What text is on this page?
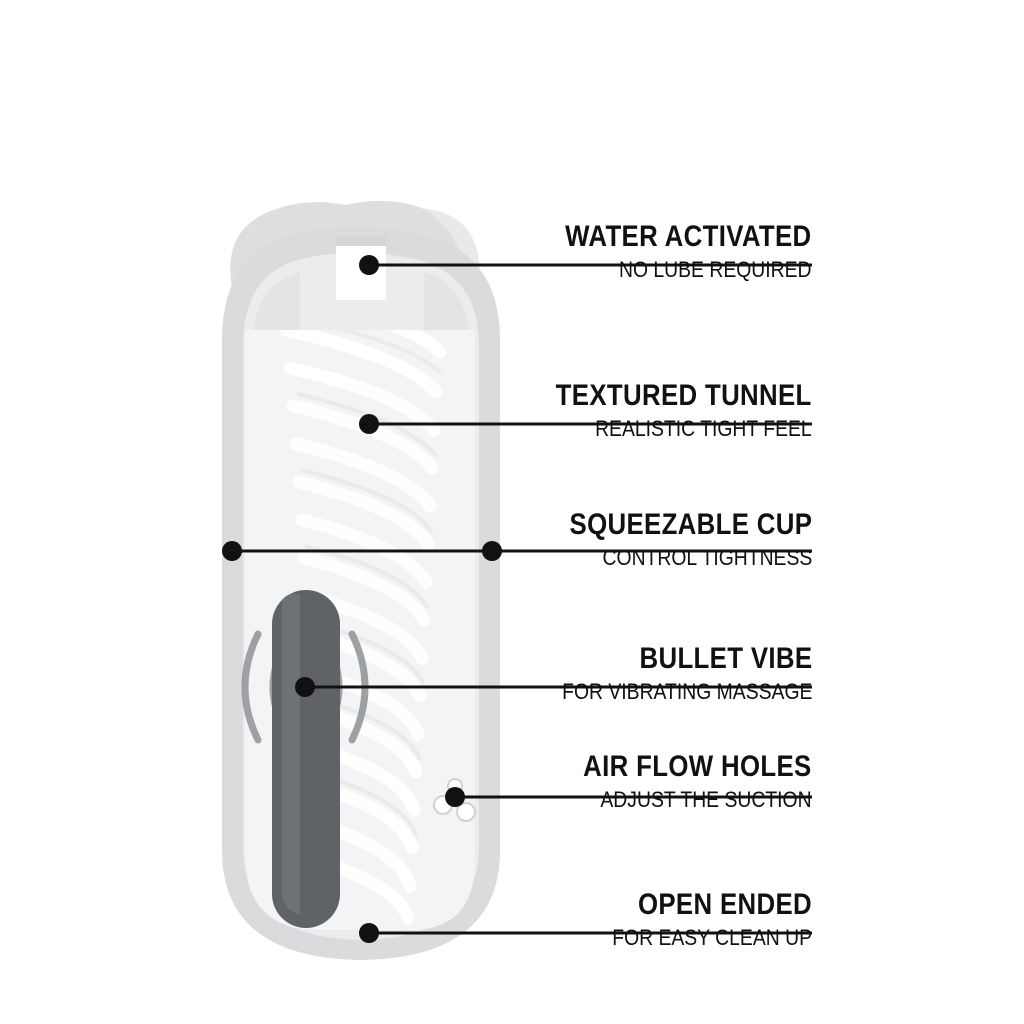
WATER ACTIVATED
NO LUBE REQUIRED
TEXTURED TUNNEL
REALISTIC TIGHT FEEL
SQUEEZABLE CUP
CONTROL TIGHTNESS
BULLET VIBE
FOR VIBRATING MASSAGE
AIR FLOW HOLES
ADJUST THE SUCTION
OPEN ENDED
FOR EASY CLEAN UP
